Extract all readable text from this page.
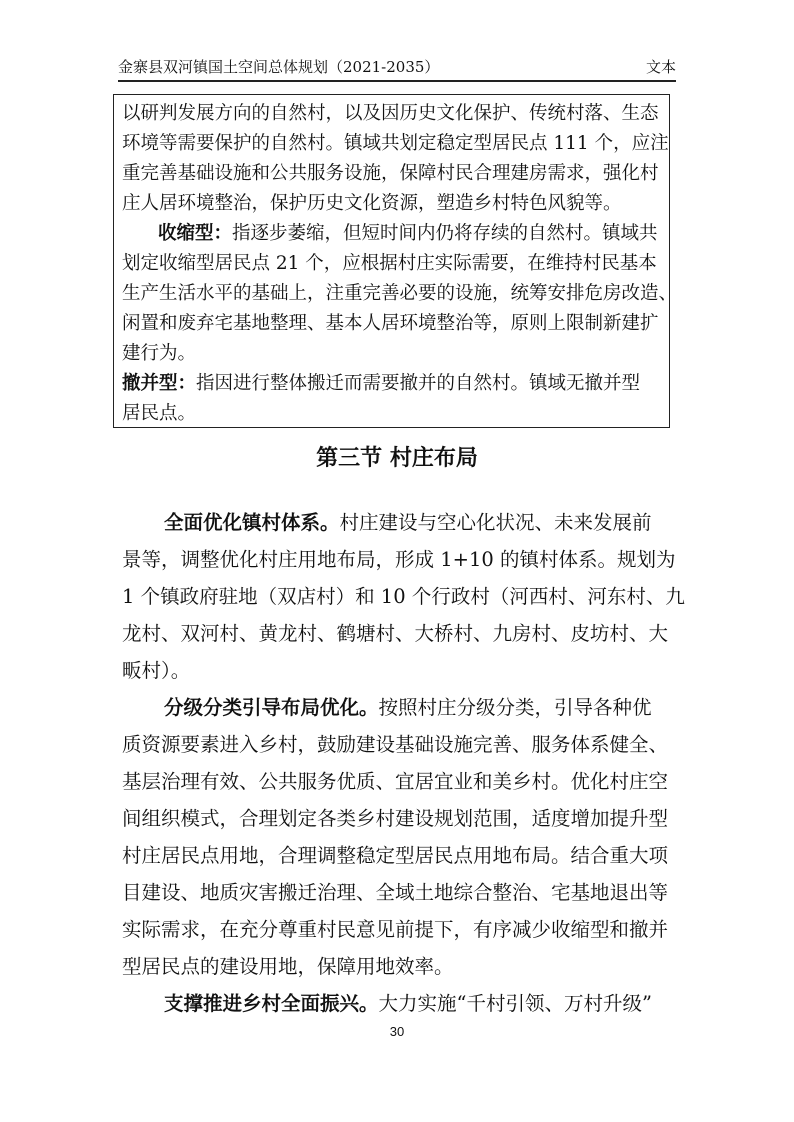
金寨县双河镇国土空间总体规划（2021-2035）	文本
以研判发展方向的自然村，以及因历史文化保护、传统村落、生态
环境等需要保护的自然村。镇域共划定稳定型居民点 111 个，应注
重完善基础设施和公共服务设施，保障村民合理建房需求，强化村
庄人居环境整治，保护历史文化资源，塑造乡村特色风貌等。
收缩型：指逐步萎缩，但短时间内仍将存续的自然村。镇域共
划定收缩型居民点 21 个，应根据村庄实际需要，在维持村民基本
生产生活水平的基础上，注重完善必要的设施，统筹安排危房改造、
闲置和废弃宅基地整理、基本人居环境整治等，原则上限制新建扩
建行为。
撤并型：指因进行整体搬迁而需要撤并的自然村。镇域无撤并型
居民点。
第三节 村庄布局
全面优化镇村体系。村庄建设与空心化状况、未来发展前
景等，调整优化村庄用地布局，形成 1+10 的镇村体系。规划为
1 个镇政府驻地（双店村）和 10 个行政村（河西村、河东村、九
龙村、双河村、黄龙村、鹤塘村、大桥村、九房村、皮坊村、大
畈村）。
分级分类引导布局优化。按照村庄分级分类，引导各种优
质资源要素进入乡村，鼓励建设基础设施完善、服务体系健全、
基层治理有效、公共服务优质、宜居宜业和美乡村。优化村庄空
间组织模式，合理划定各类乡村建设规划范围，适度增加提升型
村庄居民点用地，合理调整稳定型居民点用地布局。结合重大项
目建设、地质灾害搬迁治理、全域土地综合整治、宅基地退出等
实际需求，在充分尊重村民意见前提下，有序减少收缩型和撤并
型居民点的建设用地，保障用地效率。
支撑推进乡村全面振兴。大力实施“千村引领、万村升级”
30
